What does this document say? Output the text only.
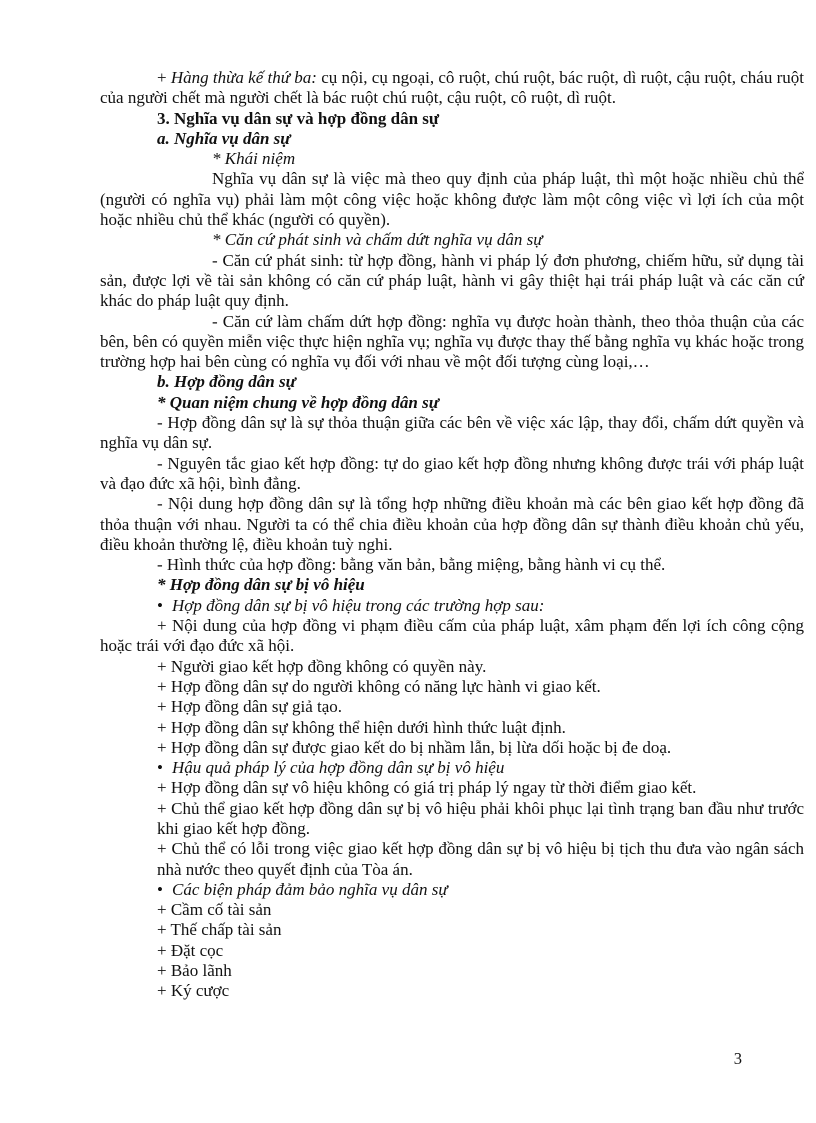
+ Hàng thừa kế thứ ba: cụ nội, cụ ngoại, cô ruột, chú ruột, bác ruột, dì ruột, cậu ruột, cháu ruột của người chết mà người chết là bác ruột chú ruột, cậu ruột, cô ruột, dì ruột.

3. Nghĩa vụ dân sự và hợp đồng dân sự

a. Nghĩa vụ dân sự

* Khái niệm

Nghĩa vụ dân sự là việc mà theo quy định của pháp luật, thì một hoặc nhiều chủ thể (người có nghĩa vụ) phải làm một công việc hoặc không được làm một công việc vì lợi ích của một hoặc nhiều chủ thể khác (người có quyền).

* Căn cứ phát sinh và chấm dứt nghĩa vụ dân sự

- Căn cứ phát sinh: từ hợp đồng, hành vi pháp lý đơn phương, chiếm hữu, sử dụng tài sản, được lợi về tài sản không có căn cứ pháp luật, hành vi gây thiệt hại trái pháp luật và các căn cứ khác do pháp luật quy định.

- Căn cứ làm chấm dứt hợp đồng: nghĩa vụ được hoàn thành, theo thỏa thuận của các bên, bên có quyền miễn việc thực hiện nghĩa vụ; nghĩa vụ được thay thế bằng nghĩa vụ khác hoặc trong trường hợp hai bên cùng có nghĩa vụ đối với nhau về một đối tượng cùng loại,…

b. Hợp đồng dân sự

* Quan niệm chung về hợp đồng dân sự

- Hợp đồng dân sự là sự thỏa thuận giữa các bên về việc xác lập, thay đổi, chấm dứt quyền và nghĩa vụ dân sự.

- Nguyên tắc giao kết hợp đồng: tự do giao kết hợp đồng nhưng không được trái với pháp luật và đạo đức xã hội, bình đẳng.

- Nội dung hợp đồng dân sự là tổng hợp những điều khoản mà các bên giao kết hợp đồng đã thỏa thuận với nhau. Người ta có thể chia điều khoản của hợp đồng dân sự thành điều khoản chủ yếu, điều khoản thường lệ, điều khoản tuỳ nghi.

- Hình thức của hợp đồng: bằng văn bản, bằng miệng, bằng hành vi cụ thể.

* Hợp đồng dân sự bị vô hiệu

• Hợp đồng dân sự bị vô hiệu trong các trường hợp sau:

+ Nội dung của hợp đồng vi phạm điều cấm của pháp luật, xâm phạm đến lợi ích công cộng hoặc trái với đạo đức xã hội.

+ Người giao kết hợp đồng không có quyền này.

+ Hợp đồng dân sự do người không có năng lực hành vi giao kết.

+ Hợp đồng dân sự giả tạo.

+ Hợp đồng dân sự không thể hiện dưới hình thức luật định.

+ Hợp đồng dân sự được giao kết do bị nhầm lẫn, bị lừa dối hoặc bị đe doạ.

• Hậu quả pháp lý của hợp đồng dân sự bị vô hiệu

+ Hợp đồng dân sự vô hiệu không có giá trị pháp lý ngay từ thời điểm giao kết.

+ Chủ thể giao kết hợp đồng dân sự bị vô hiệu phải khôi phục lại tình trạng ban đầu như trước khi giao kết hợp đồng.

+ Chủ thể có lỗi trong việc giao kết hợp đồng dân sự bị vô hiệu bị tịch thu đưa vào ngân sách nhà nước theo quyết định của Tòa án.

• Các biện pháp đảm bảo nghĩa vụ dân sự

+ Cầm cố tài sản

+ Thế chấp tài sản

+ Đặt cọc

+ Bảo lãnh

+ Ký cược

3
